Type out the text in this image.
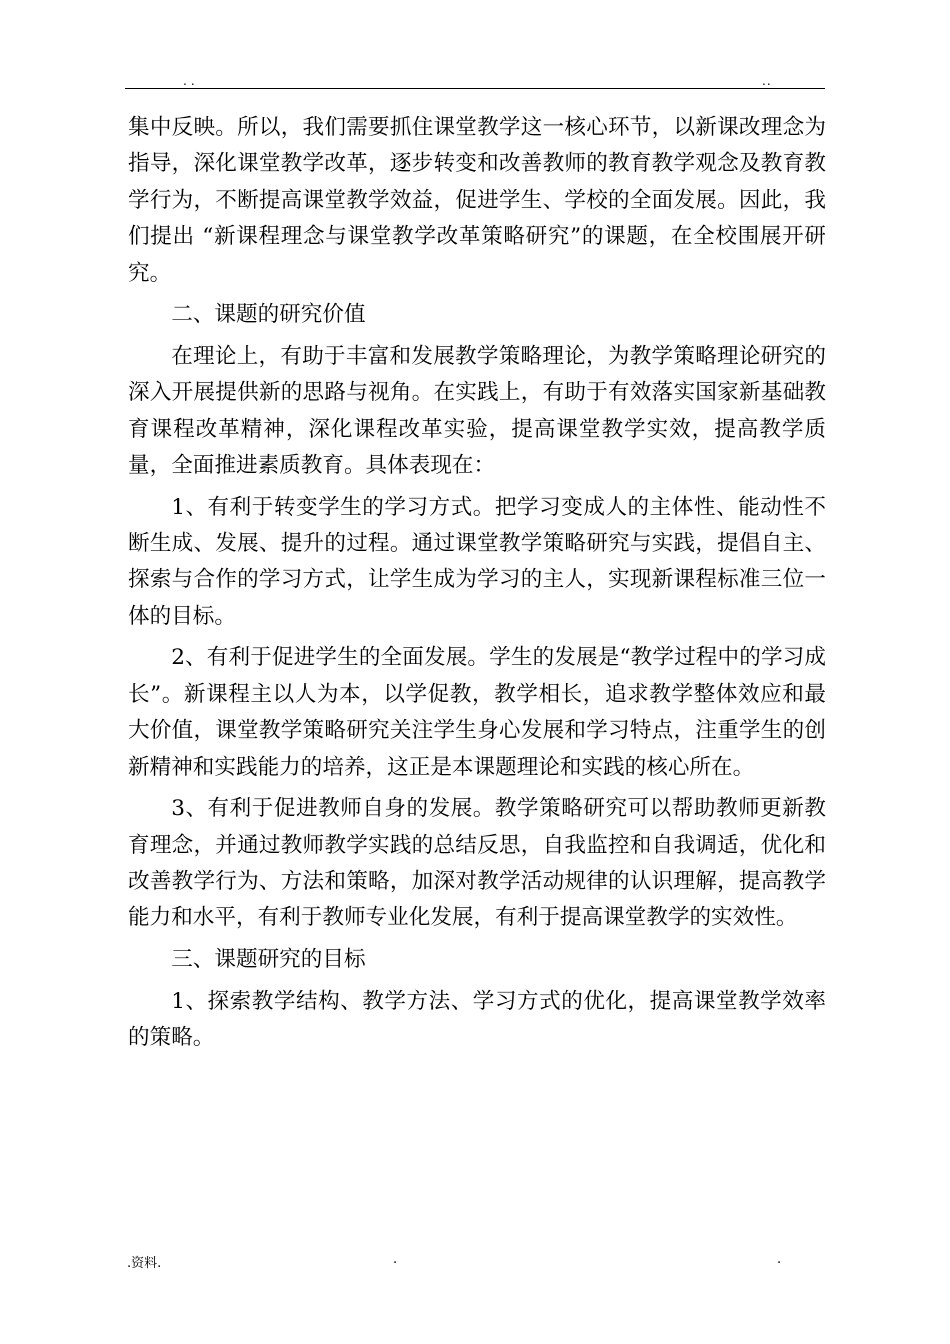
..	..

集中反映。所以，我们需要抓住课堂教学这一核心环节，以新课改理念为指导，深化课堂教学改革，逐步转变和改善教师的教育教学观念及教育教学行为，不断提高课堂教学效益，促进学生、学校的全面发展。因此，我们提出 “新课程理念与课堂教学改革策略研究”的课题，在全校围展开研究。

二、课题的研究价值

在理论上，有助于丰富和发展教学策略理论，为教学策略理论研究的深入开展提供新的思路与视角。在实践上，有助于有效落实国家新基础教育课程改革精神，深化课程改革实验，提高课堂教学实效，提高教学质量，全面推进素质教育。具体表现在：

1、有利于转变学生的学习方式。把学习变成人的主体性、能动性不断生成、发展、提升的过程。通过课堂教学策略研究与实践，提倡自主、探索与合作的学习方式，让学生成为学习的主人，实现新课程标准三位一体的目标。

2、有利于促进学生的全面发展。学生的发展是“教学过程中的学习成长”。新课程主以人为本，以学促教，教学相长，追求教学整体效应和最大价值，课堂教学策略研究关注学生身心发展和学习特点，注重学生的创新精神和实践能力的培养，这正是本课题理论和实践的核心所在。

3、有利于促进教师自身的发展。教学策略研究可以帮助教师更新教育理念，并通过教师教学实践的总结反思，自我监控和自我调适，优化和改善教学行为、方法和策略，加深对教学活动规律的认识理解，提高教学能力和水平，有利于教师专业化发展，有利于提高课堂教学的实效性。

三、课题研究的目标

1、探索教学结构、教学方法、学习方式的优化，提高课堂教学效率的策略。

.资料.	.	.
